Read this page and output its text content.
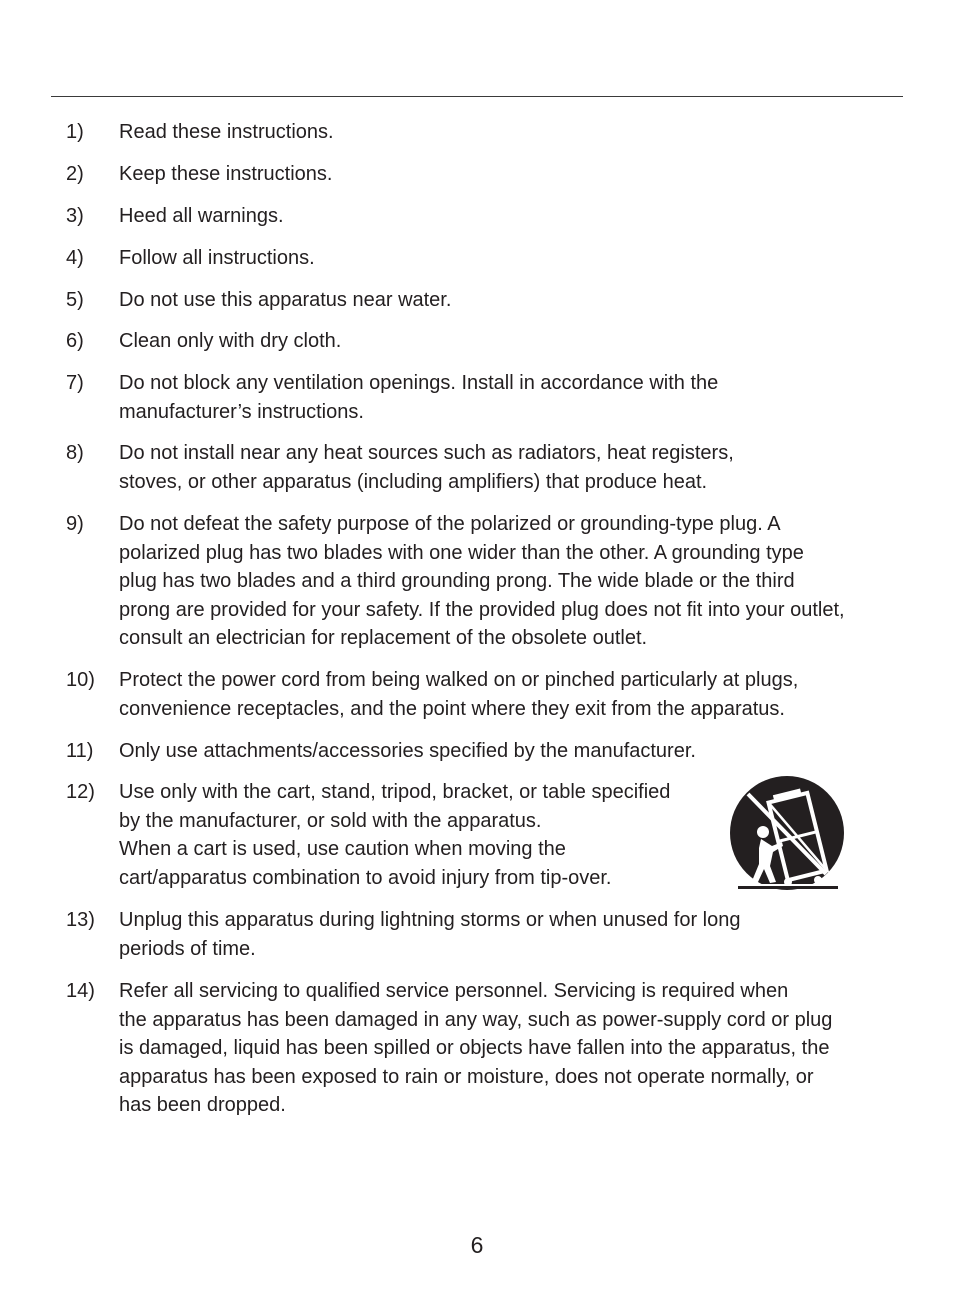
1) Read these instructions.
2) Keep these instructions.
3) Heed all warnings.
4) Follow all instructions.
5) Do not use this apparatus near water.
6) Clean only with dry cloth.
7) Do not block any ventilation openings. Install in accordance with the
manufacturer’s instructions.
8) Do not install near any heat sources such as radiators, heat registers,
stoves, or other apparatus (including amplifiers) that produce heat.
9) Do not defeat the safety purpose of the polarized or grounding-type plug. A
polarized plug has two blades with one wider than the other. A grounding type
plug has two blades and a third grounding prong. The wide blade or the third
prong are provided for your safety. If the provided plug does not fit into your outlet,
consult an electrician for replacement of the obsolete outlet.
10) Protect the power cord from being walked on or pinched particularly at plugs,
convenience receptacles, and the point where they exit from the apparatus.
11) Only use attachments/accessories specified by the manufacturer.
12) Use only with the cart, stand, tripod, bracket, or table specified
by the manufacturer, or sold with the apparatus.
When a cart is used, use caution when moving the
cart/apparatus combination to avoid injury from tip-over.
13) Unplug this apparatus during lightning storms or when unused for long
periods of time.
14) Refer all servicing to qualified service personnel. Servicing is required when
the apparatus has been damaged in any way, such as power-supply cord or plug
is damaged, liquid has been spilled or objects have fallen into the apparatus, the
apparatus has been exposed to rain or moisture, does not operate normally, or
has been dropped.
6
